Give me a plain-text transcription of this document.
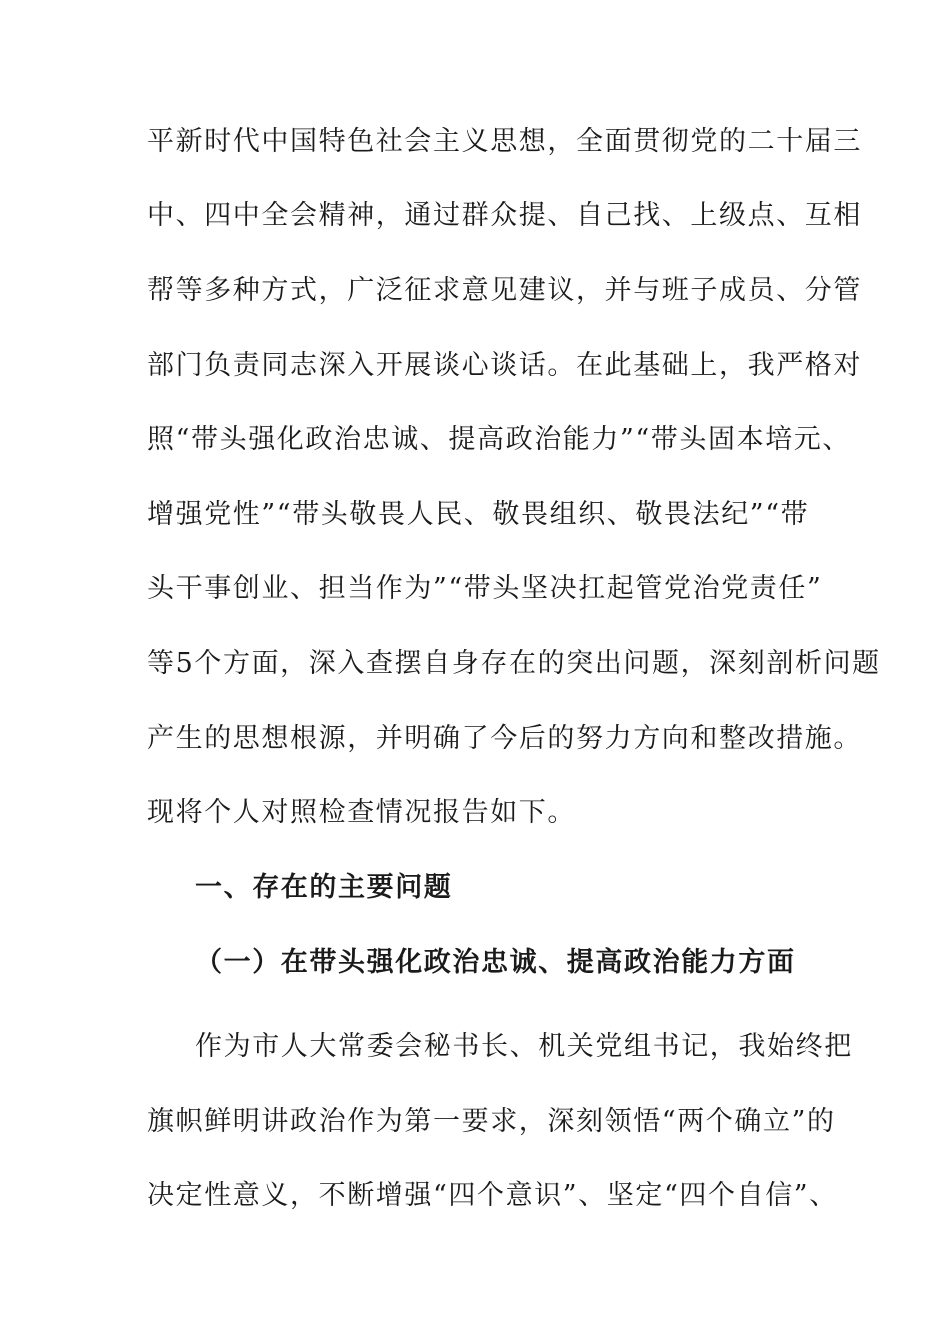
平新时代中国特色社会主义思想，全面贯彻党的二十届三
中、四中全会精神，通过群众提、自己找、上级点、互相
帮等多种方式，广泛征求意见建议，并与班子成员、分管
部门负责同志深入开展谈心谈话。在此基础上，我严格对
照“带头强化政治忠诚、提高政治能力”“带头固本培元、
增强党性”“带头敬畏人民、敬畏组织、敬畏法纪”“带
头干事创业、担当作为”“带头坚决扛起管党治党责任”
等5个方面，深入查摆自身存在的突出问题，深刻剖析问题
产生的思想根源，并明确了今后的努力方向和整改措施。
现将个人对照检查情况报告如下。
一、存在的主要问题
（一）在带头强化政治忠诚、提高政治能力方面
作为市人大常委会秘书长、机关党组书记，我始终把
旗帜鲜明讲政治作为第一要求，深刻领悟“两个确立”的
决定性意义，不断增强“四个意识”、坚定“四个自信”、
